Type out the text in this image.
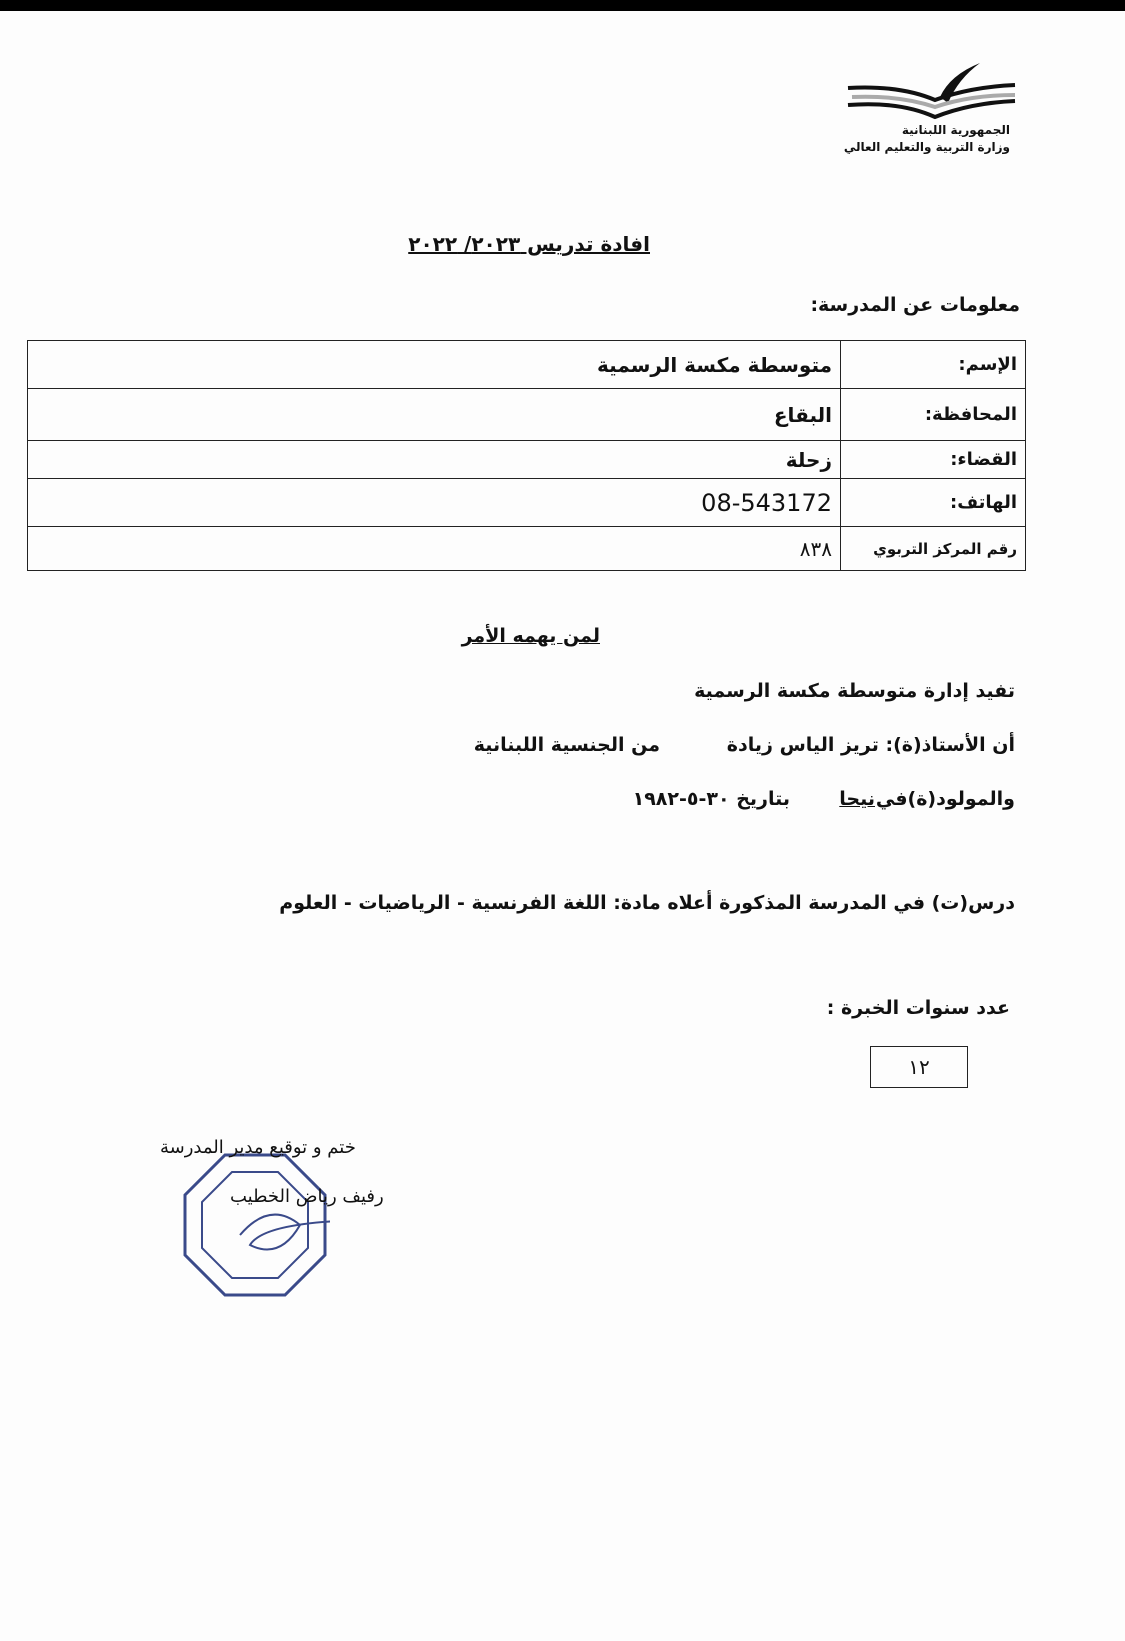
الجمهورية اللبنانية
وزارة التربية والتعليم العالي
افادة تدريس ٢٠٢٣/ ٢٠٢٢
معلومات عن المدرسة:
الإسم:	متوسطة مكسة الرسمية
المحافظة:	البقاع
القضاء:	زحلة
الهاتف:	08-543172
رقم المركز التربوي	٨٣٨
لمن يهمه الأمر
تفيد إدارة متوسطة مكسة الرسمية
أن الأستاذ(ة): تريز الياس زيادة
من الجنسية اللبنانية
والمولود(ة)في
نيحا
بتاريخ ٣٠-٥-١٩٨٢
درس(ت) في المدرسة المذكورة أعلاه مادة: اللغة الفرنسية - الرياضيات - العلوم
عدد سنوات الخبرة :
١٢
ختم و توقيع مدير المدرسة
رفيف رياض الخطيب
